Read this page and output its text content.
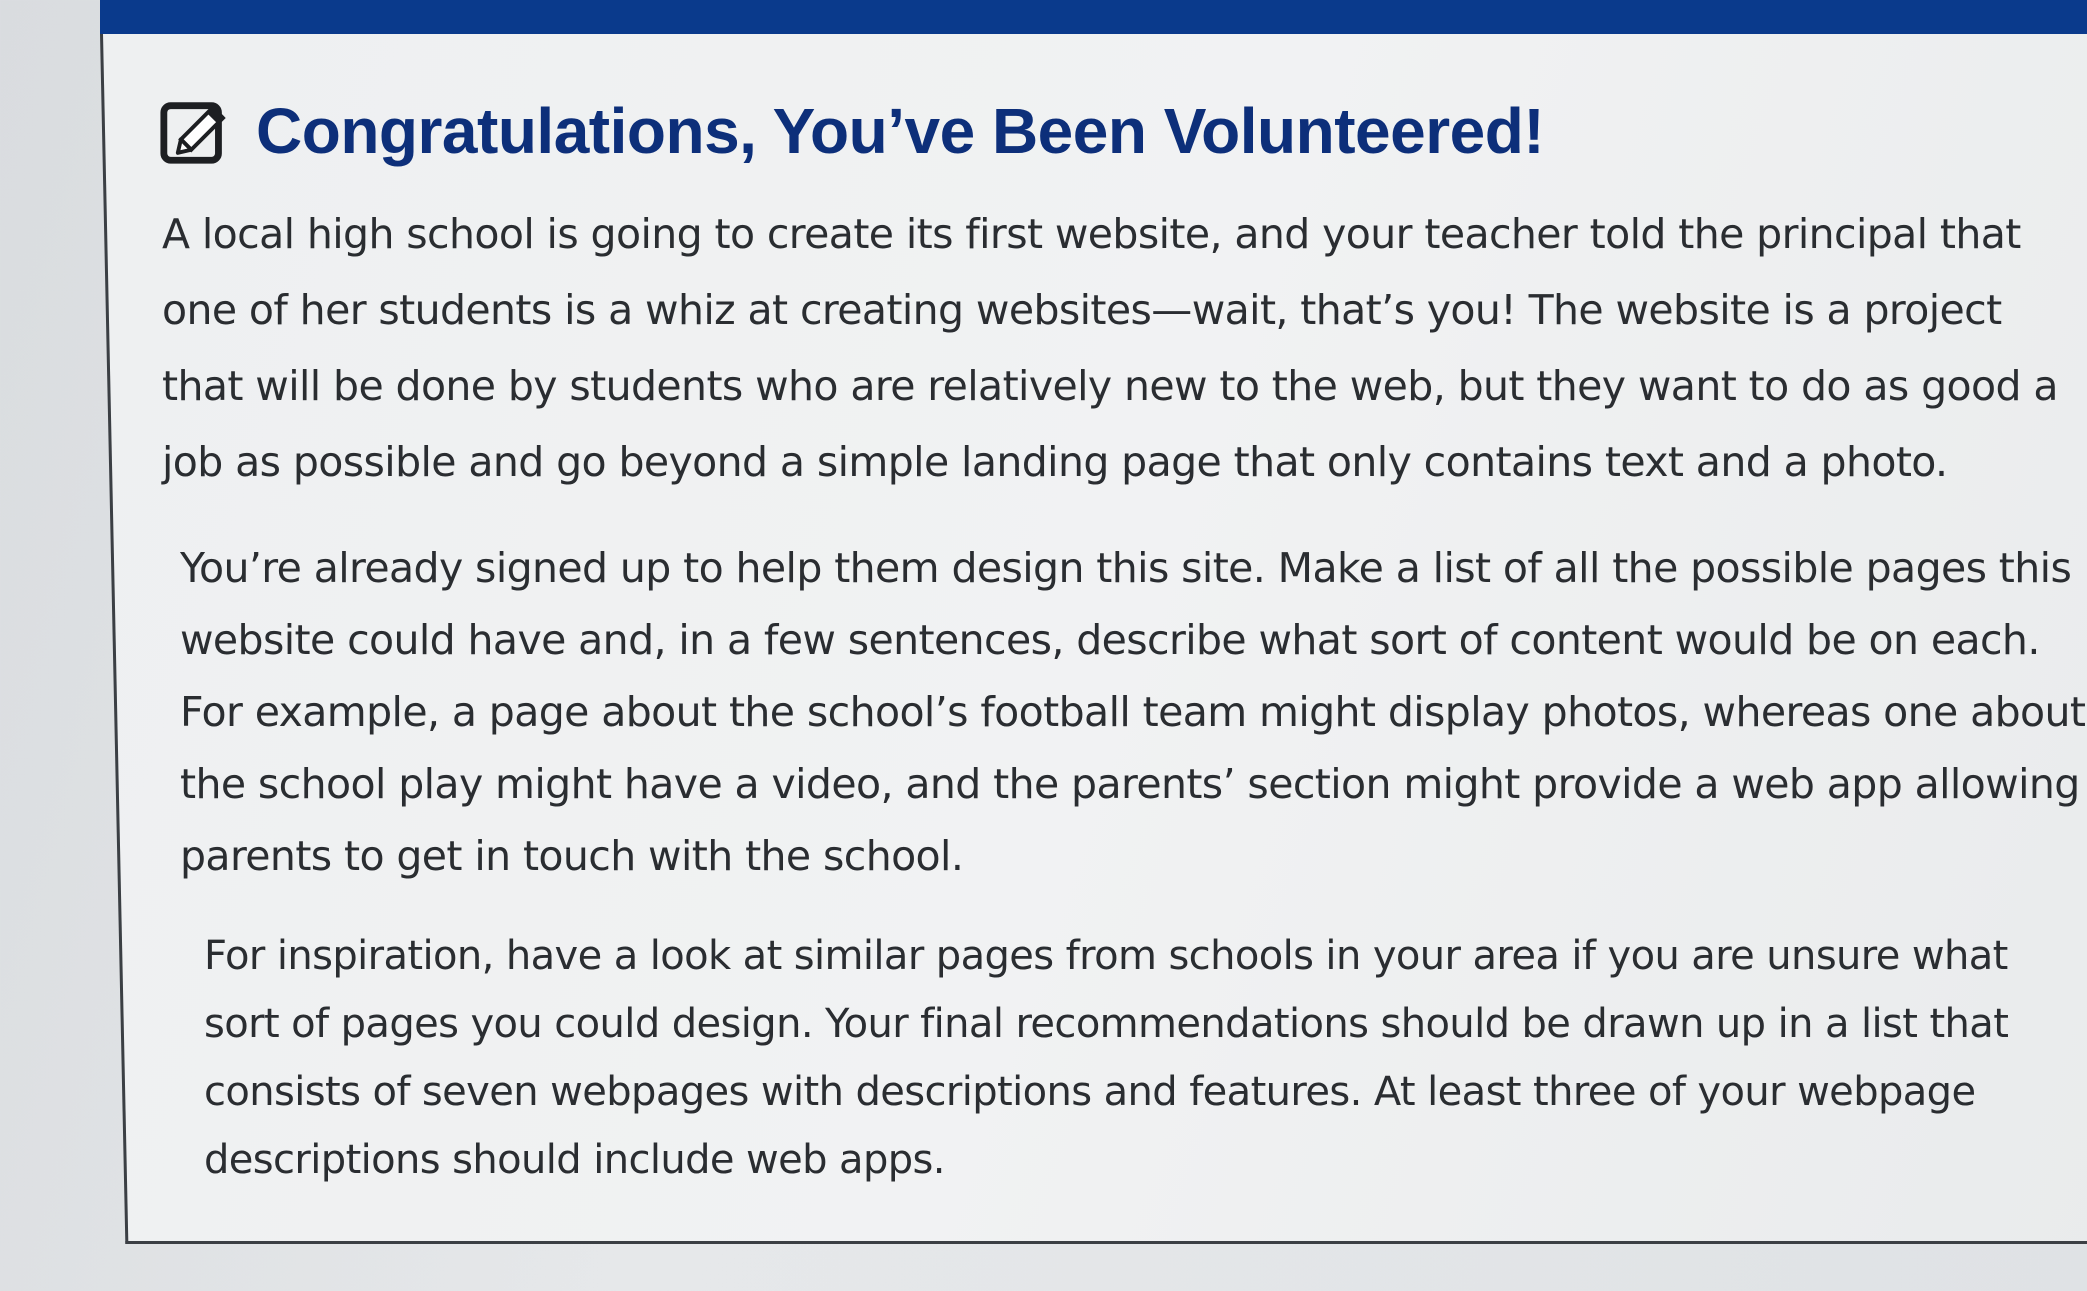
Congratulations, You’ve Been Volunteered!
A local high school is going to create its first website, and your teacher told the principal that
one of her students is a whiz at creating websites—wait, that’s you! The website is a project
that will be done by students who are relatively new to the web, but they want to do as good a
job as possible and go beyond a simple landing page that only contains text and a photo.
You’re already signed up to help them design this site. Make a list of all the possible pages this
website could have and, in a few sentences, describe what sort of content would be on each.
For example, a page about the school’s football team might display photos, whereas one about
the school play might have a video, and the parents’ section might provide a web app allowing
parents to get in touch with the school.
For inspiration, have a look at similar pages from schools in your area if you are unsure what
sort of pages you could design. Your final recommendations should be drawn up in a list that
consists of seven webpages with descriptions and features. At least three of your webpage
descriptions should include web apps.
